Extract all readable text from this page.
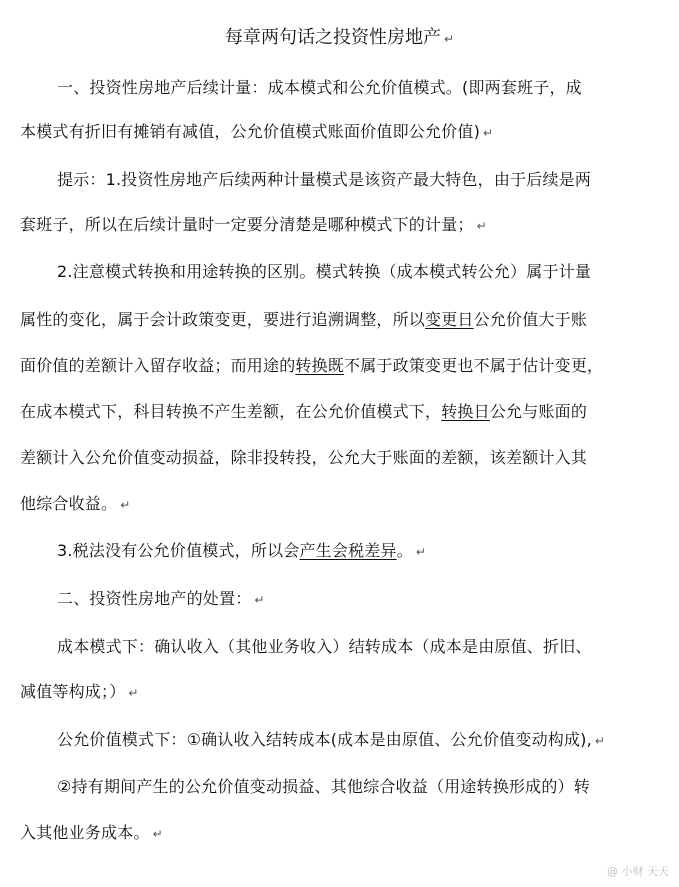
每章两句话之投资性房地产 ↵
一、投资性房地产后续计量：成本模式和公允价值模式。(即两套班子，成
本模式有折旧有摊销有减值，公允价值模式账面价值即公允价值) ↵
提示：1.投资性房地产后续两种计量模式是该资产最大特色，由于后续是两
套班子，所以在后续计量时一定要分清楚是哪种模式下的计量； ↵
2.注意模式转换和用途转换的区别。模式转换（成本模式转公允）属于计量
属性的变化，属于会计政策变更，要进行追溯调整，所以变更日公允价值大于账
面价值的差额计入留存收益；而用途的转换既不属于政策变更也不属于估计变更，
在成本模式下，科目转换不产生差额，在公允价值模式下，转换日公允与账面的
差额计入公允价值变动损益，除非投转投，公允大于账面的差额，该差额计入其
他综合收益。 ↵
3.税法没有公允价值模式，所以会产生会税差异。 ↵
二、投资性房地产的处置： ↵
成本模式下：确认收入（其他业务收入）结转成本（成本是由原值、折旧、
减值等构成；） ↵
公允价值模式下：①确认收入结转成本(成本是由原值、公允价值变动构成), ↵
②持有期间产生的公允价值变动损益、其他综合收益（用途转换形成的）转
入其他业务成本。 ↵
@ 小财 天天
